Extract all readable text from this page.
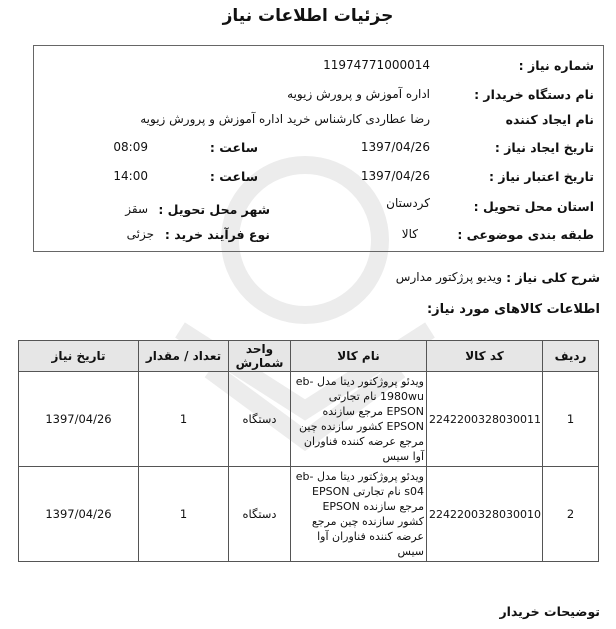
جزئیات اطلاعات نیاز
شماره نیاز :
11974771000014
نام دستگاه خریدار :
اداره آموزش و پرورش زیویه
نام ایجاد کننده
رضا عطاردی کارشناس خرید اداره آموزش و پرورش زیویه
تاریخ ایجاد نیاز :
1397/04/26
ساعت :
08:09
تاریخ اعتبار نیاز :
1397/04/26
ساعت :
14:00
استان محل تحویل :
کردستان
شهر محل تحویل :
سقز
طبقه بندی موضوعی :
کالا
نوع فرآیند خرید :
جزئی
شرح کلی نیاز :
ویدیو پرژکتور مدارس
اطلاعات کالاهای مورد نیاز:
ردیف	کد کالا	نام کالا	واحد شمارش	تعداد / مقدار	تاریخ نیاز
1	2242200328030011	ویدئو پروژکتور دیتا مدل eb-1980wu نام تجارتی EPSON مرجع سازنده EPSON کشور سازنده چین مرجع عرضه کننده فناوران آوا سیس	دستگاه	1	1397/04/26
2	2242200328030010	ویدئو پروژکتور دیتا مدل eb-s04 نام تجارتی EPSON مرجع سازنده EPSON کشور سازنده چین مرجع عرضه کننده فناوران آوا سیس	دستگاه	1	1397/04/26
توضیحات خریدار
